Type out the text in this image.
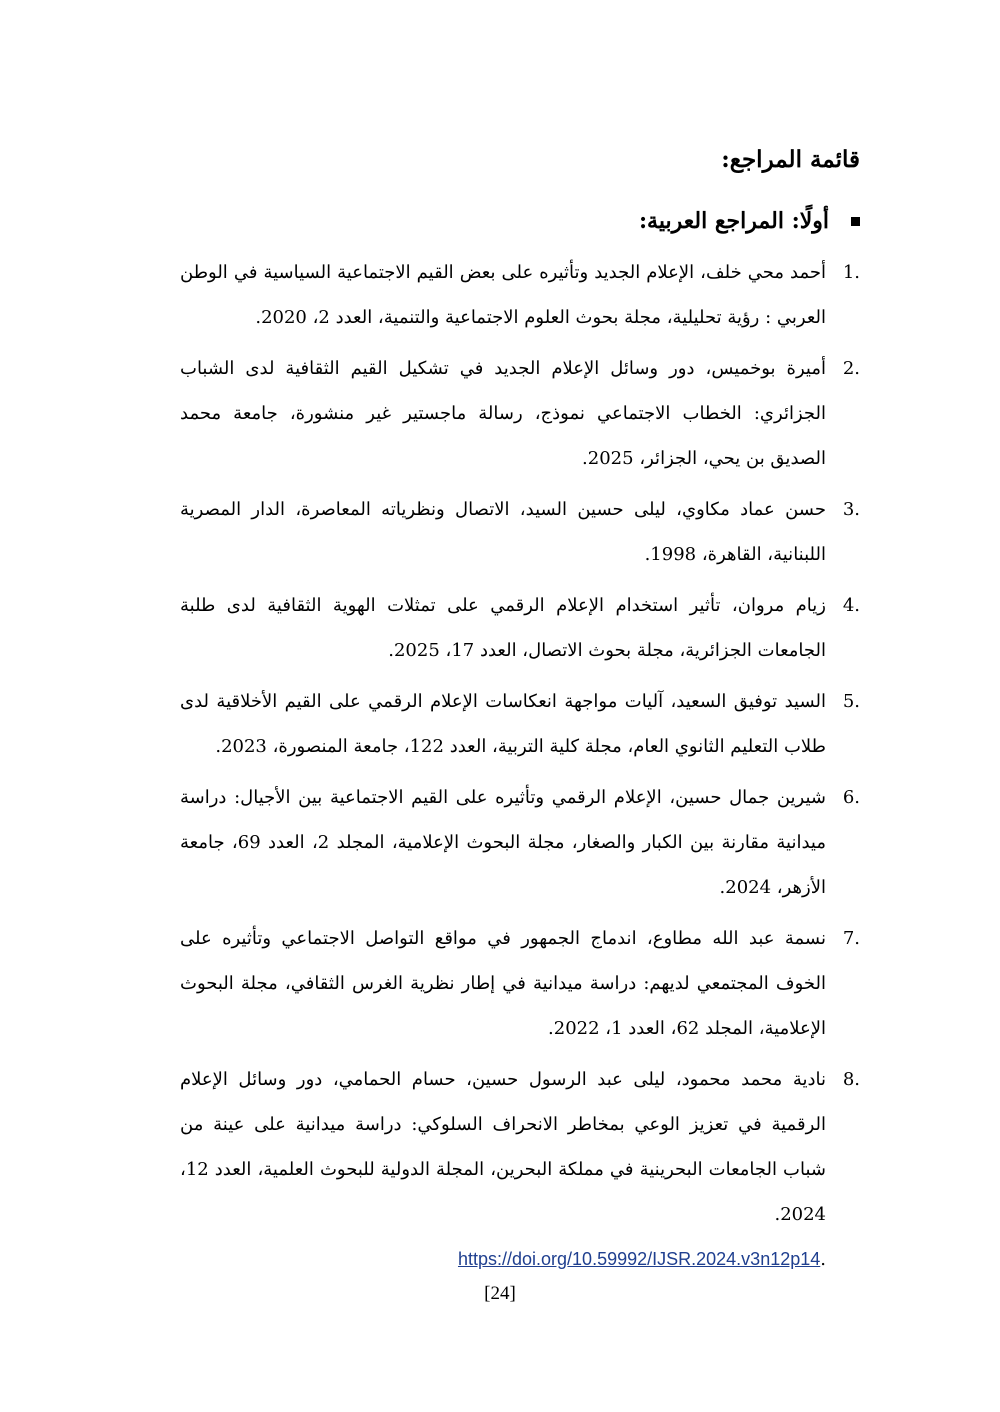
قائمة المراجع:
أولًا: المراجع العربية:
1.
أحمد محي خلف، الإعلام الجديد وتأثيره على بعض القيم الاجتماعية السياسية في الوطن العربي : رؤية تحليلية، مجلة بحوث العلوم الاجتماعية والتنمية، العدد 2، 2020.
2.
أميرة بوخميس، دور وسائل الإعلام الجديد في تشكيل القيم الثقافية لدى الشباب الجزائري: الخطاب الاجتماعي نموذج، رسالة ماجستير غير منشورة، جامعة محمد الصديق بن يحي، الجزائر، 2025.
3.
حسن عماد مكاوي، ليلى حسين السيد، الاتصال ونظرياته المعاصرة، الدار المصرية اللبنانية، القاهرة، 1998.
4.
زيام مروان، تأثير استخدام الإعلام الرقمي على تمثلات الهوية الثقافية لدى طلبة الجامعات الجزائرية، مجلة بحوث الاتصال، العدد 17، 2025.
5.
السيد توفيق السعيد، آليات مواجهة انعكاسات الإعلام الرقمي على القيم الأخلاقية لدى طلاب التعليم الثانوي العام، مجلة كلية التربية، العدد 122، جامعة المنصورة، 2023.
6.
شيرين جمال حسين، الإعلام الرقمي وتأثيره على القيم الاجتماعية بين الأجيال: دراسة ميدانية مقارنة بين الكبار والصغار، مجلة البحوث الإعلامية، المجلد 2، العدد 69، جامعة الأزهر، 2024.
7.
نسمة عبد الله مطاوع، اندماج الجمهور في مواقع التواصل الاجتماعي وتأثيره على الخوف المجتمعي لديهم: دراسة ميدانية في إطار نظرية الغرس الثقافي، مجلة البحوث الإعلامية، المجلد 62، العدد 1، 2022.
8.
نادية محمد محمود، ليلى عبد الرسول حسين، حسام الحمامي، دور وسائل الإعلام الرقمية في تعزيز الوعي بمخاطر الانحراف السلوكي: دراسة ميدانية على عينة من شباب الجامعات البحرينية في مملكة البحرين، المجلة الدولية للبحوث العلمية، العدد 12، 2024.
.https://doi.org/10.59992/IJSR.2024.v3n12p14
[24]
